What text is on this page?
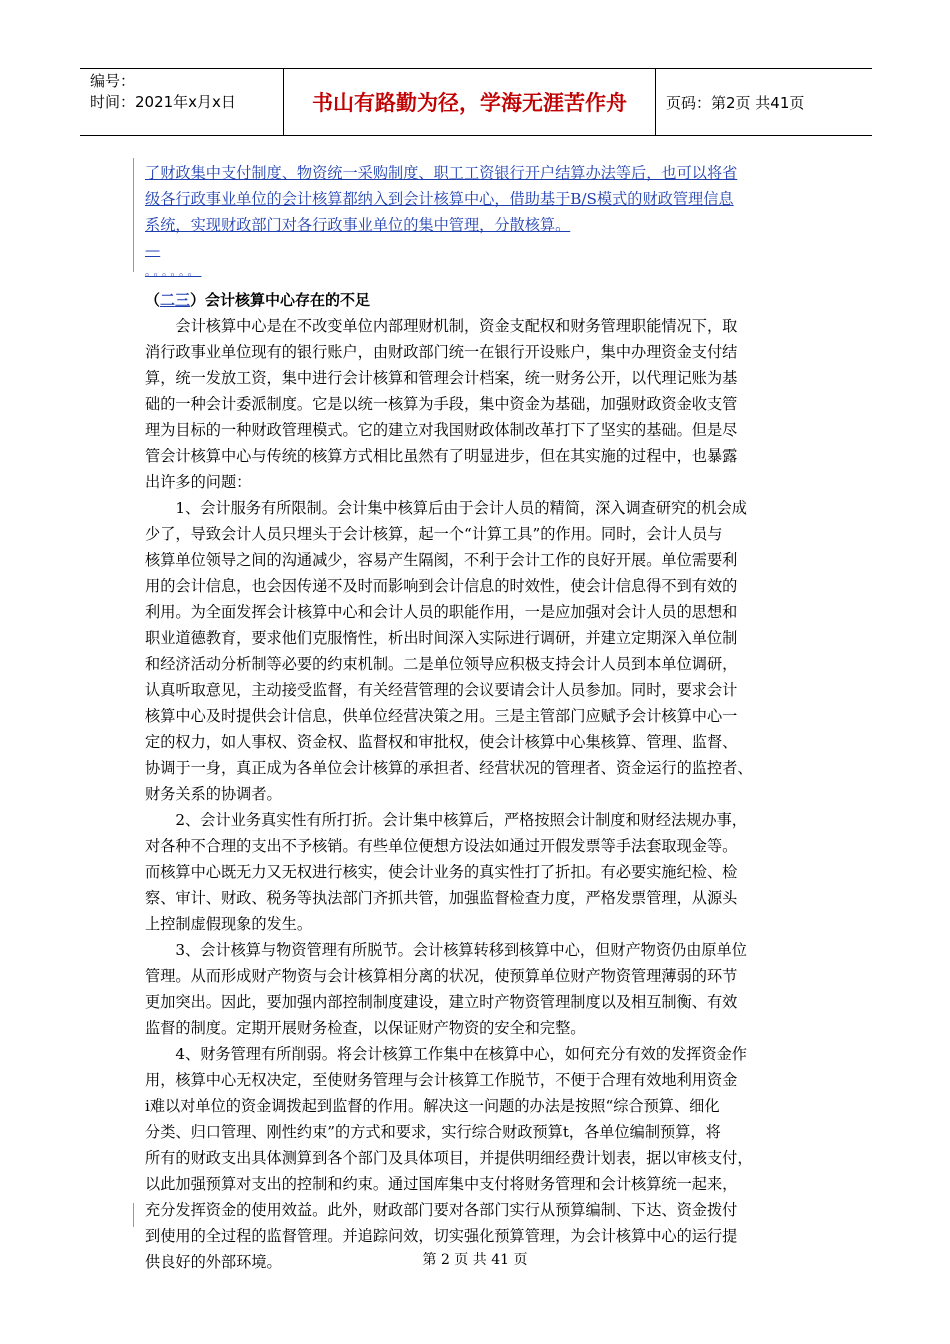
编号：
时间：2021年x月x日	书山有路勤为径，学海无涯苦作舟	页码：第2页 共41页
了财政集中支付制度、物资统一采购制度、职工工资银行开户结算办法等后，也可以将省
级各行政事业单位的会计核算都纳入到会计核算中心，借助基于B/S模式的财政管理信息
系统，实现财政部门对各行政事业单位的集中管理，分散核算。
—
。。。。。。
（二三）会计核算中心存在的不足
会计核算中心是在不改变单位内部理财机制，资金支配权和财务管理职能情况下，取
消行政事业单位现有的银行账户，由财政部门统一在银行开设账户，集中办理资金支付结
算，统一发放工资，集中进行会计核算和管理会计档案，统一财务公开，以代理记账为基
础的一种会计委派制度。它是以统一核算为手段，集中资金为基础，加强财政资金收支管
理为目标的一种财政管理模式。它的建立对我国财政体制改革打下了坚实的基础。但是尽
管会计核算中心与传统的核算方式相比虽然有了明显进步，但在其实施的过程中，也暴露
出许多的问题：
1、会计服务有所限制。会计集中核算后由于会计人员的精简，深入调查研究的机会成
少了，导致会计人员只埋头于会计核算，起一个“计算工具”的作用。同时，会计人员与
核算单位领导之间的沟通减少，容易产生隔阂，不利于会计工作的良好开展。单位需要利
用的会计信息，也会因传递不及时而影响到会计信息的时效性，使会计信息得不到有效的
利用。为全面发挥会计核算中心和会计人员的职能作用，一是应加强对会计人员的思想和
职业道德教育，要求他们克服惰性，析出时间深入实际进行调研，并建立定期深入单位制
和经济活动分析制等必要的约束机制。二是单位领导应积极支持会计人员到本单位调研，
认真听取意见，主动接受监督，有关经营管理的会议要请会计人员参加。同时，要求会计
核算中心及时提供会计信息，供单位经营决策之用。三是主管部门应赋予会计核算中心一
定的权力，如人事权、资金权、监督权和审批权，使会计核算中心集核算、管理、监督、
协调于一身，真正成为各单位会计核算的承担者、经营状况的管理者、资金运行的监控者、
财务关系的协调者。
2、会计业务真实性有所打折。会计集中核算后，严格按照会计制度和财经法规办事，
对各种不合理的支出不予核销。有些单位便想方设法如通过开假发票等手法套取现金等。
而核算中心既无力又无权进行核实，使会计业务的真实性打了折扣。有必要实施纪检、检
察、审计、财政、税务等执法部门齐抓共管，加强监督检查力度，严格发票管理，从源头
上控制虚假现象的发生。
3、会计核算与物资管理有所脱节。会计核算转移到核算中心，但财产物资仍由原单位
管理。从而形成财产物资与会计核算相分离的状况，使预算单位财产物资管理薄弱的环节
更加突出。因此，要加强内部控制制度建设，建立时产物资管理制度以及相互制衡、有效
监督的制度。定期开展财务检查，以保证财产物资的安全和完整。
4、财务管理有所削弱。将会计核算工作集中在核算中心，如何充分有效的发挥资金作
用，核算中心无权决定，至使财务管理与会计核算工作脱节，不便于合理有效地利用资金
i难以对单位的资金调拨起到监督的作用。解决这一问题的办法是按照“综合预算、细化
分类、归口管理、刚性约束”的方式和要求，实行综合财政预算t，各单位编制预算，将
所有的财政支出具体测算到各个部门及具体项目，并提供明细经费计划表，据以审核支付，
以此加强预算对支出的控制和约束。通过国库集中支付将财务管理和会计核算统一起来，
充分发挥资金的使用效益。此外，财政部门要对各部门实行从预算编制、下达、资金拨付
到使用的全过程的监督管理。并追踪问效，切实强化预算管理，为会计核算中心的运行提
供良好的外部环境。	第 2 页 共 41 页
